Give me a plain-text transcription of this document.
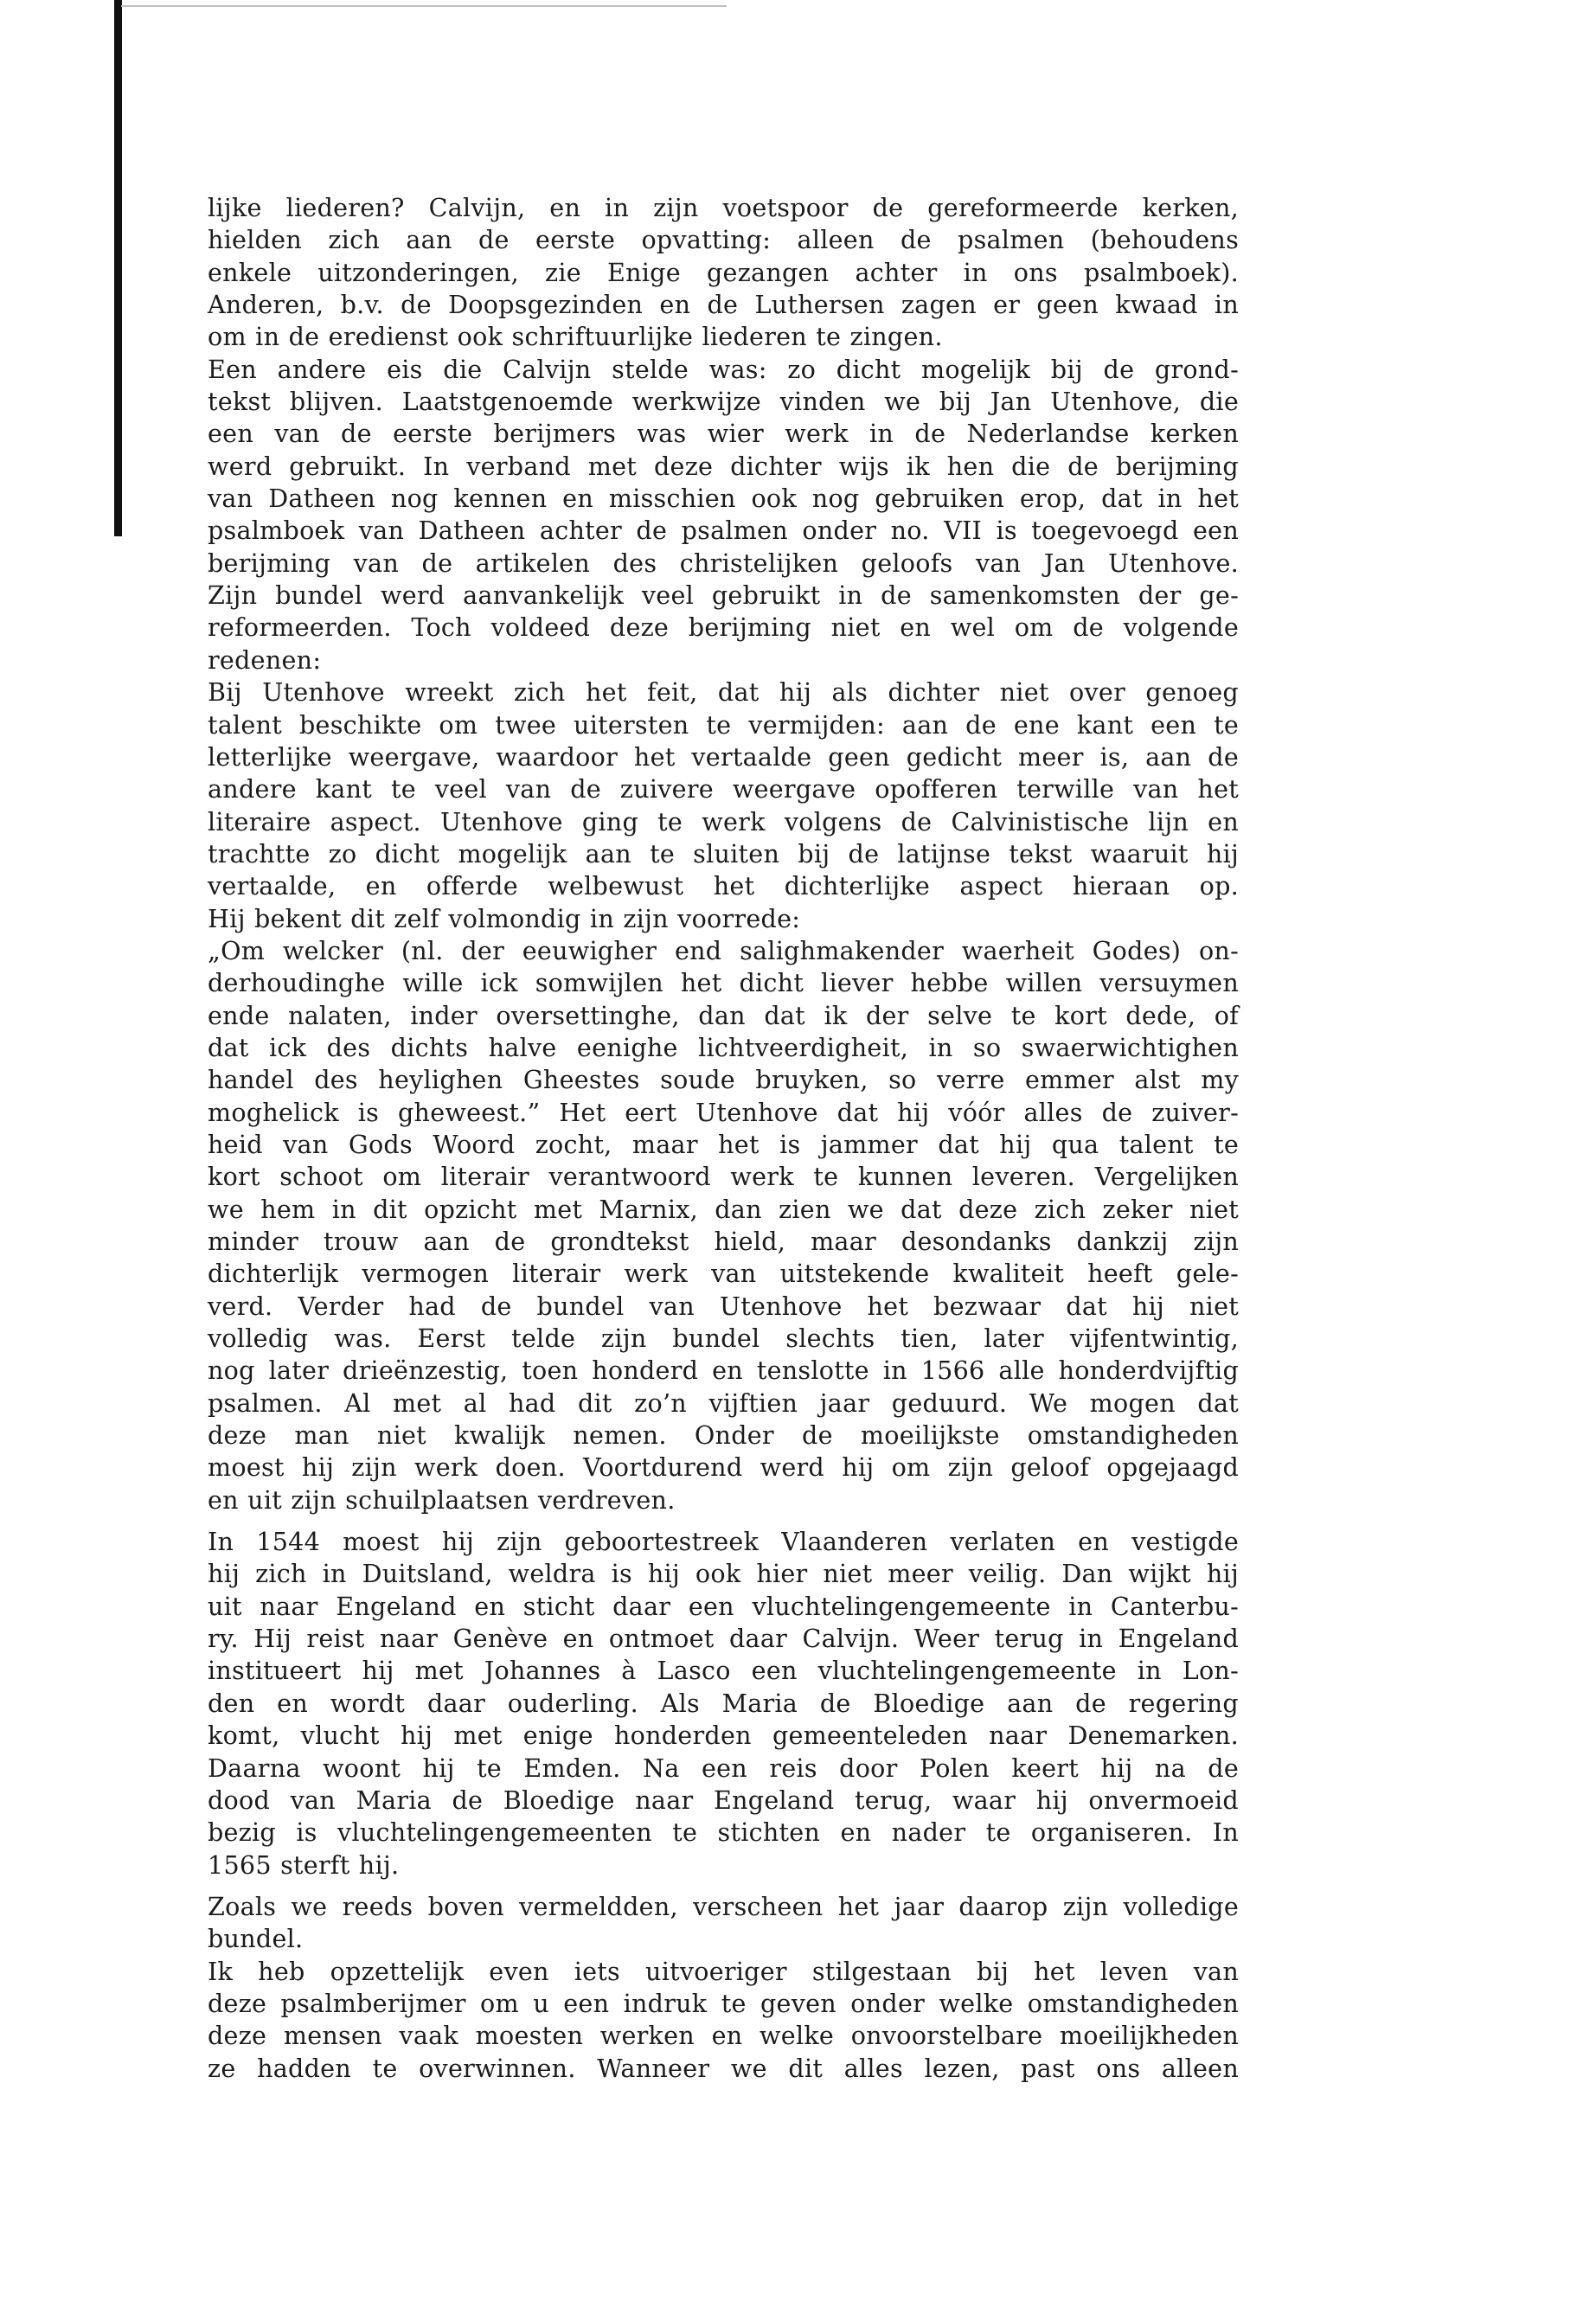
lijke liederen? Calvijn, en in zijn voetspoor de gereformeerde kerken,
hielden zich aan de eerste opvatting: alleen de psalmen (behoudens
enkele uitzonderingen, zie Enige gezangen achter in ons psalmboek).
Anderen, b.v. de Doopsgezinden en de Luthersen zagen er geen kwaad in
om in de eredienst ook schriftuurlijke liederen te zingen.
Een andere eis die Calvijn stelde was: zo dicht mogelijk bij de grond-
tekst blijven. Laatstgenoemde werkwijze vinden we bij Jan Utenhove, die
een van de eerste berijmers was wier werk in de Nederlandse kerken
werd gebruikt. In verband met deze dichter wijs ik hen die de berijming
van Datheen nog kennen en misschien ook nog gebruiken erop, dat in het
psalmboek van Datheen achter de psalmen onder no. VII is toegevoegd een
berijming van de artikelen des christelijken geloofs van Jan Utenhove.
Zijn bundel werd aanvankelijk veel gebruikt in de samenkomsten der ge-
reformeerden. Toch voldeed deze berijming niet en wel om de volgende
redenen:
Bij Utenhove wreekt zich het feit, dat hij als dichter niet over genoeg
talent beschikte om twee uitersten te vermijden: aan de ene kant een te
letterlijke weergave, waardoor het vertaalde geen gedicht meer is, aan de
andere kant te veel van de zuivere weergave opofferen terwille van het
literaire aspect. Utenhove ging te werk volgens de Calvinistische lijn en
trachtte zo dicht mogelijk aan te sluiten bij de latijnse tekst waaruit hij
vertaalde, en offerde welbewust het dichterlijke aspect hieraan op.
Hij bekent dit zelf volmondig in zijn voorrede:
„Om welcker (nl. der eeuwigher end salighmakender waerheit Godes) on-
derhoudinghe wille ick somwijlen het dicht liever hebbe willen versuymen
ende nalaten, inder oversettinghe, dan dat ik der selve te kort dede, of
dat ick des dichts halve eenighe lichtveerdigheit, in so swaerwichtighen
handel des heylighen Gheestes soude bruyken, so verre emmer alst my
moghelick is gheweest.” Het eert Utenhove dat hij vóór alles de zuiver-
heid van Gods Woord zocht, maar het is jammer dat hij qua talent te
kort schoot om literair verantwoord werk te kunnen leveren. Vergelijken
we hem in dit opzicht met Marnix, dan zien we dat deze zich zeker niet
minder trouw aan de grondtekst hield, maar desondanks dankzij zijn
dichterlijk vermogen literair werk van uitstekende kwaliteit heeft gele-
verd. Verder had de bundel van Utenhove het bezwaar dat hij niet
volledig was. Eerst telde zijn bundel slechts tien, later vijfentwintig,
nog later drieënzestig, toen honderd en tenslotte in 1566 alle honderdvijftig
psalmen. Al met al had dit zo’n vijftien jaar geduurd. We mogen dat
deze man niet kwalijk nemen. Onder de moeilijkste omstandigheden
moest hij zijn werk doen. Voortdurend werd hij om zijn geloof opgejaagd
en uit zijn schuilplaatsen verdreven.
In 1544 moest hij zijn geboortestreek Vlaanderen verlaten en vestigde
hij zich in Duitsland, weldra is hij ook hier niet meer veilig. Dan wijkt hij
uit naar Engeland en sticht daar een vluchtelingengemeente in Canterbu-
ry. Hij reist naar Genève en ontmoet daar Calvijn. Weer terug in Engeland
institueert hij met Johannes à Lasco een vluchtelingengemeente in Lon-
den en wordt daar ouderling. Als Maria de Bloedige aan de regering
komt, vlucht hij met enige honderden gemeenteleden naar Denemarken.
Daarna woont hij te Emden. Na een reis door Polen keert hij na de
dood van Maria de Bloedige naar Engeland terug, waar hij onvermoeid
bezig is vluchtelingengemeenten te stichten en nader te organiseren. In
1565 sterft hij.
Zoals we reeds boven vermeldden, verscheen het jaar daarop zijn volledige
bundel.
Ik heb opzettelijk even iets uitvoeriger stilgestaan bij het leven van
deze psalmberijmer om u een indruk te geven onder welke omstandigheden
deze mensen vaak moesten werken en welke onvoorstelbare moeilijkheden
ze hadden te overwinnen. Wanneer we dit alles lezen, past ons alleen
